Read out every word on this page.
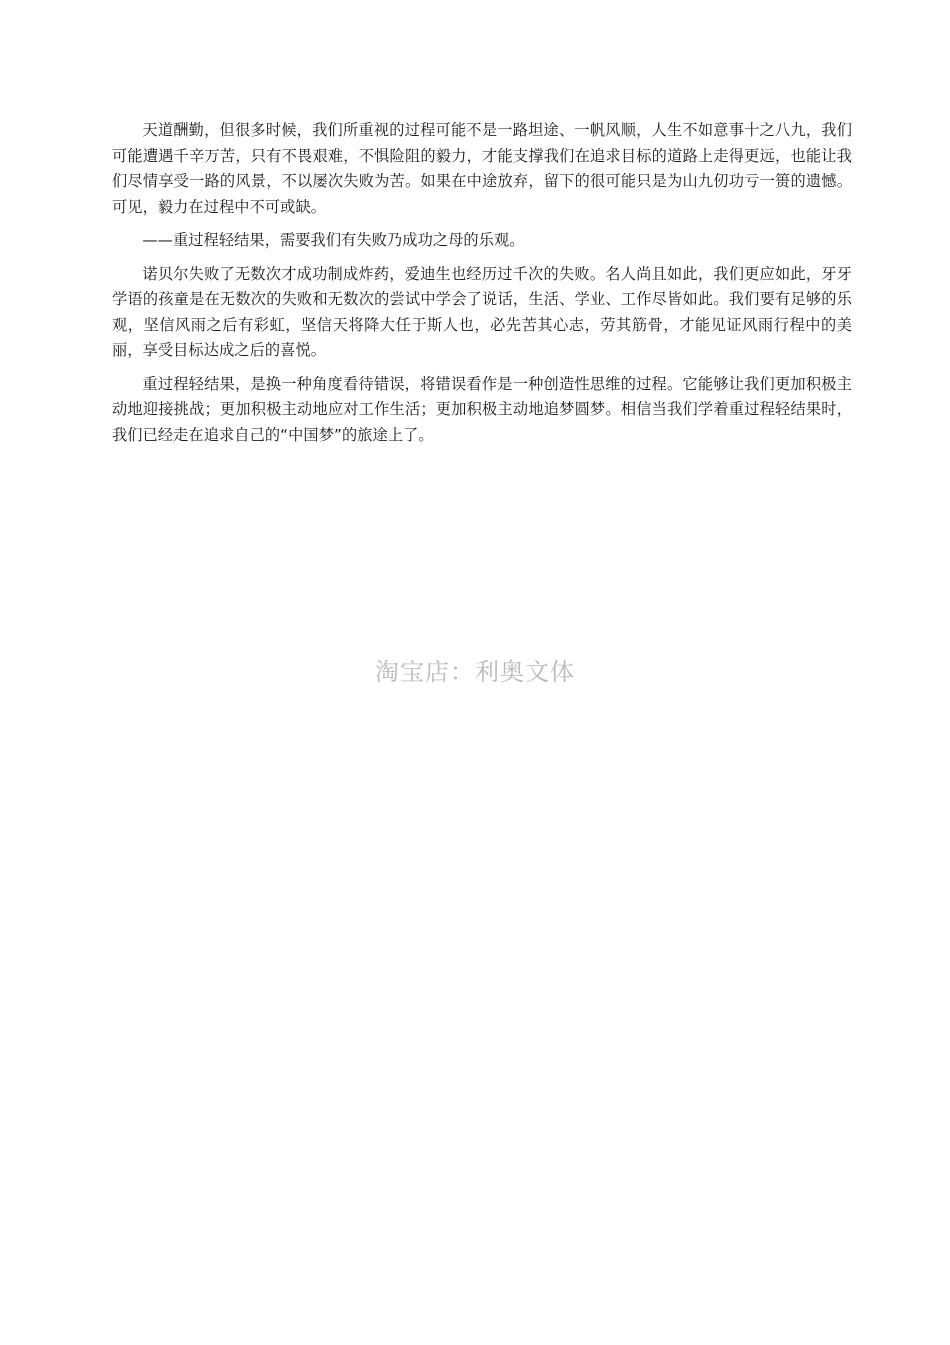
天道酬勤，但很多时候，我们所重视的过程可能不是一路坦途、一帆风顺，人生不如意事十之八九，我们可能遭遇千辛万苦，只有不畏艰难，不惧险阻的毅力，才能支撑我们在追求目标的道路上走得更远，也能让我们尽情享受一路的风景，不以屡次失败为苦。如果在中途放弃，留下的很可能只是为山九仞功亏一篑的遗憾。可见，毅力在过程中不可或缺。

——重过程轻结果，需要我们有失败乃成功之母的乐观。

诺贝尔失败了无数次才成功制成炸药，爱迪生也经历过千次的失败。名人尚且如此，我们更应如此，牙牙学语的孩童是在无数次的失败和无数次的尝试中学会了说话，生活、学业、工作尽皆如此。我们要有足够的乐观，坚信风雨之后有彩虹，坚信天将降大任于斯人也，必先苦其心志，劳其筋骨，才能见证风雨行程中的美丽，享受目标达成之后的喜悦。

重过程轻结果，是换一种角度看待错误，将错误看作是一种创造性思维的过程。它能够让我们更加积极主动地迎接挑战；更加积极主动地应对工作生活；更加积极主动地追梦圆梦。相信当我们学着重过程轻结果时，我们已经走在追求自己的“中国梦”的旅途上了。

淘宝店：利奥文体
